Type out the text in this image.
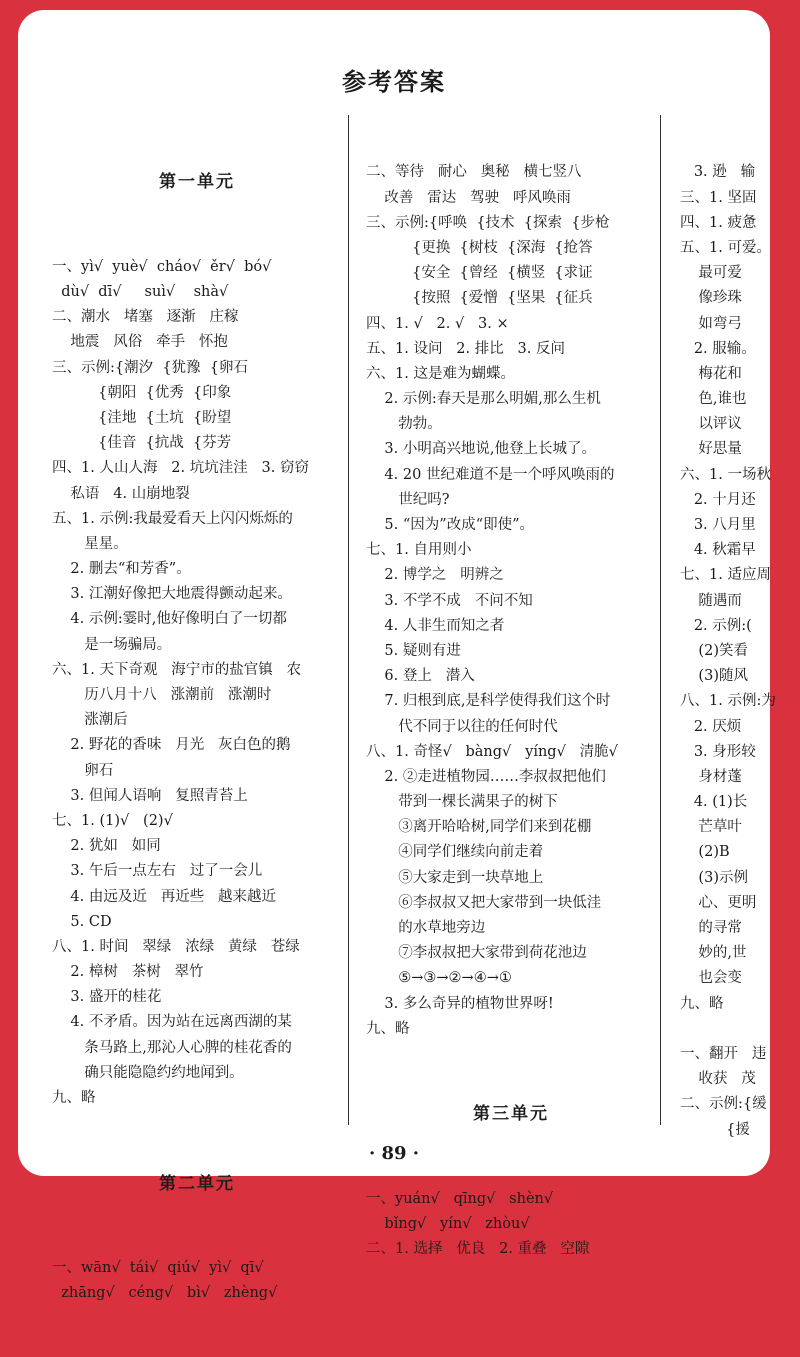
参考答案

第一单元

一、yì√  yuè√  cháo√  ěr√  bó√
dù√  dī√     suì√    shà√
二、潮水   堵塞   逐渐   庄稼
地震   风俗   牵手   怀抱
三、示例:{潮汐  {犹豫  {卵石
{朝阳  {优秀  {印象
{洼地  {土坑  {盼望
{佳音  {抗战  {芬芳
四、1. 人山人海   2. 坑坑洼洼   3. 窃窃
私语   4. 山崩地裂
五、1. 示例:我最爱看天上闪闪烁烁的
星星。
2. 删去“和芳香”。
3. 江潮好像把大地震得颤动起来。
4. 示例:霎时,他好像明白了一切都
是一场骗局。
六、1. 天下奇观   海宁市的盐官镇   农
历八月十八   涨潮前   涨潮时
涨潮后
2. 野花的香味   月光   灰白色的鹅
卵石
3. 但闻人语响   复照青苔上
七、1. (1)√   (2)√
2. 犹如   如同
3. 午后一点左右   过了一会儿
4. 由远及近   再近些   越来越近
5. CD
八、1. 时间   翠绿   浓绿   黄绿   苍绿
2. 樟树   茶树   翠竹
3. 盛开的桂花
4. 不矛盾。因为站在远离西湖的某
条马路上,那沁人心脾的桂花香的
确只能隐隐约约地闻到。
九、略

第二单元

一、wān√  tái√  qiú√  yì√  qī√
zhāng√   céng√   bì√   zhèng√

二、等待   耐心   奥秘   横七竖八
改善   雷达   驾驶   呼风唤雨
三、示例:{呼唤  {技术  {探索  {步枪
{更换  {树枝  {深海  {抢答
{安全  {曾经  {横竖  {求证
{按照  {爱憎  {坚果  {征兵
四、1. √   2. √   3. ×
五、1. 设问   2. 排比   3. 反问
六、1. 这是难为蝴蝶。
2. 示例:春天是那么明媚,那么生机
勃勃。
3. 小明高兴地说,他登上长城了。
4. 20 世纪难道不是一个呼风唤雨的
世纪吗?
5. “因为”改成“即使”。
七、1. 自用则小
2. 博学之   明辨之
3. 不学不成   不问不知
4. 人非生而知之者
5. 疑则有进
6. 登上   潜入
7. 归根到底,是科学使得我们这个时
代不同于以往的任何时代
八、1. 奇怪√   bàng√   yíng√   清脆√
2. ②走进植物园……李叔叔把他们
带到一棵长满果子的树下
③离开哈哈树,同学们来到花棚
④同学们继续向前走着
⑤大家走到一块草地上
⑥李叔叔又把大家带到一块低洼
的水草地旁边
⑦李叔叔把大家带到荷花池边
⑤→③→②→④→①
3. 多么奇异的植物世界呀!
九、略

第三单元

一、yuán√   qīng√   shèn√
bǐng√   yín√   zhòu√
二、1. 选择   优良   2. 重叠   空隙

3. 逊   输
三、1. 坚固
四、1. 疲惫
五、1. 可爱。
最可爱
像珍珠
如弯弓
2. 服输。
梅花和
色,谁也
以评议
好思量
六、1. 一场秋
2. 十月还
3. 八月里
4. 秋霜早
七、1. 适应周
随遇而
2. 示例:(
(2)笑看
(3)随风
八、1. 示例:为
2. 厌烦
3. 身形较
身材蓬
4. (1)长
芒草叶
(2)B
(3)示例
心、更明
的寻常
妙的,世
也会变
九、略
一、翻开   违
收获   茂
二、示例:{缓
{援

· 89 ·
